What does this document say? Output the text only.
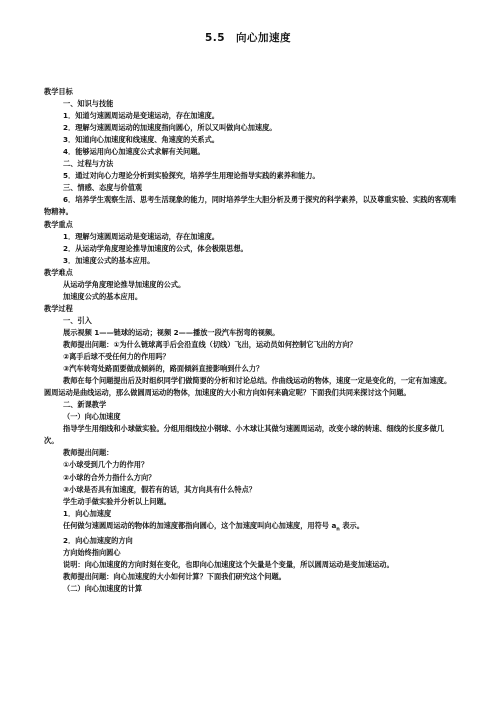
5.5　向心加速度

教学目标

一、知识与技能

1．知道匀速圆周运动是变速运动，存在加速度。

2．理解匀速圆周运动的加速度指向圆心，所以又叫做向心加速度。

3．知道向心加速度和线速度、角速度的关系式。

4．能够运用向心加速度公式求解有关问题。

二、过程与方法

5．通过对向心力理论分析到实验探究，培养学生用理论指导实践的素养和能力。

三、情感、态度与价值观

6．培养学生观察生活、思考生活现象的能力，同时培养学生大胆分析及勇于探究的科学素养，以及尊重实验、实践的客观唯物精神。

教学重点

1．理解匀速圆周运动是变速运动，存在加速度。

2．从运动学角度理论推导加速度的公式，体会极限思想。

3．加速度公式的基本应用。

教学难点

从运动学角度理论推导加速度的公式。

加速度公式的基本应用。

教学过程

一、引入

展示视频 1——链球的运动；视频 2——播放一段汽车拐弯的视频。

教师提出问题：①为什么链球离手后会沿直线（切线）飞出，运动员如何控制它飞出的方向？

②离手后球不受任何力的作用吗？

③汽车转弯处路面要做成倾斜的，路面倾斜直接影响到什么力？

教师在每个问题提出后及时组织同学们做简要的分析和讨论总结。作曲线运动的物体，速度一定是变化的，一定有加速度。圆周运动是曲线运动，那么做圆周运动的物体，加速度的大小和方向如何来确定呢？下面我们共同来探讨这个问题。

二、新课教学

（一）向心加速度

指导学生用细线和小球做实验。分组用细线拉小钢球、小木球让其做匀速圆周运动，改变小球的转速、细线的长度多做几次。

教师提出问题：

①小球受到几个力的作用？

②小球的合外力指什么方向？

③小球是否具有加速度，假若有的话，其方向具有什么特点？

学生动手做实验并分析以上问题。

1．向心加速度

任何做匀速圆周运动的物体的加速度都指向圆心，这个加速度叫向心加速度，用符号 $a_n$ 表示。

2．向心加速度的方向

方向始终指向圆心

说明：向心加速度的方向时刻在变化，也即向心加速度这个矢量是个变量，所以圆周运动是变加速运动。

教师提出问题：向心加速度的大小如何计算？下面我们研究这个问题。

（二）向心加速度的计算
